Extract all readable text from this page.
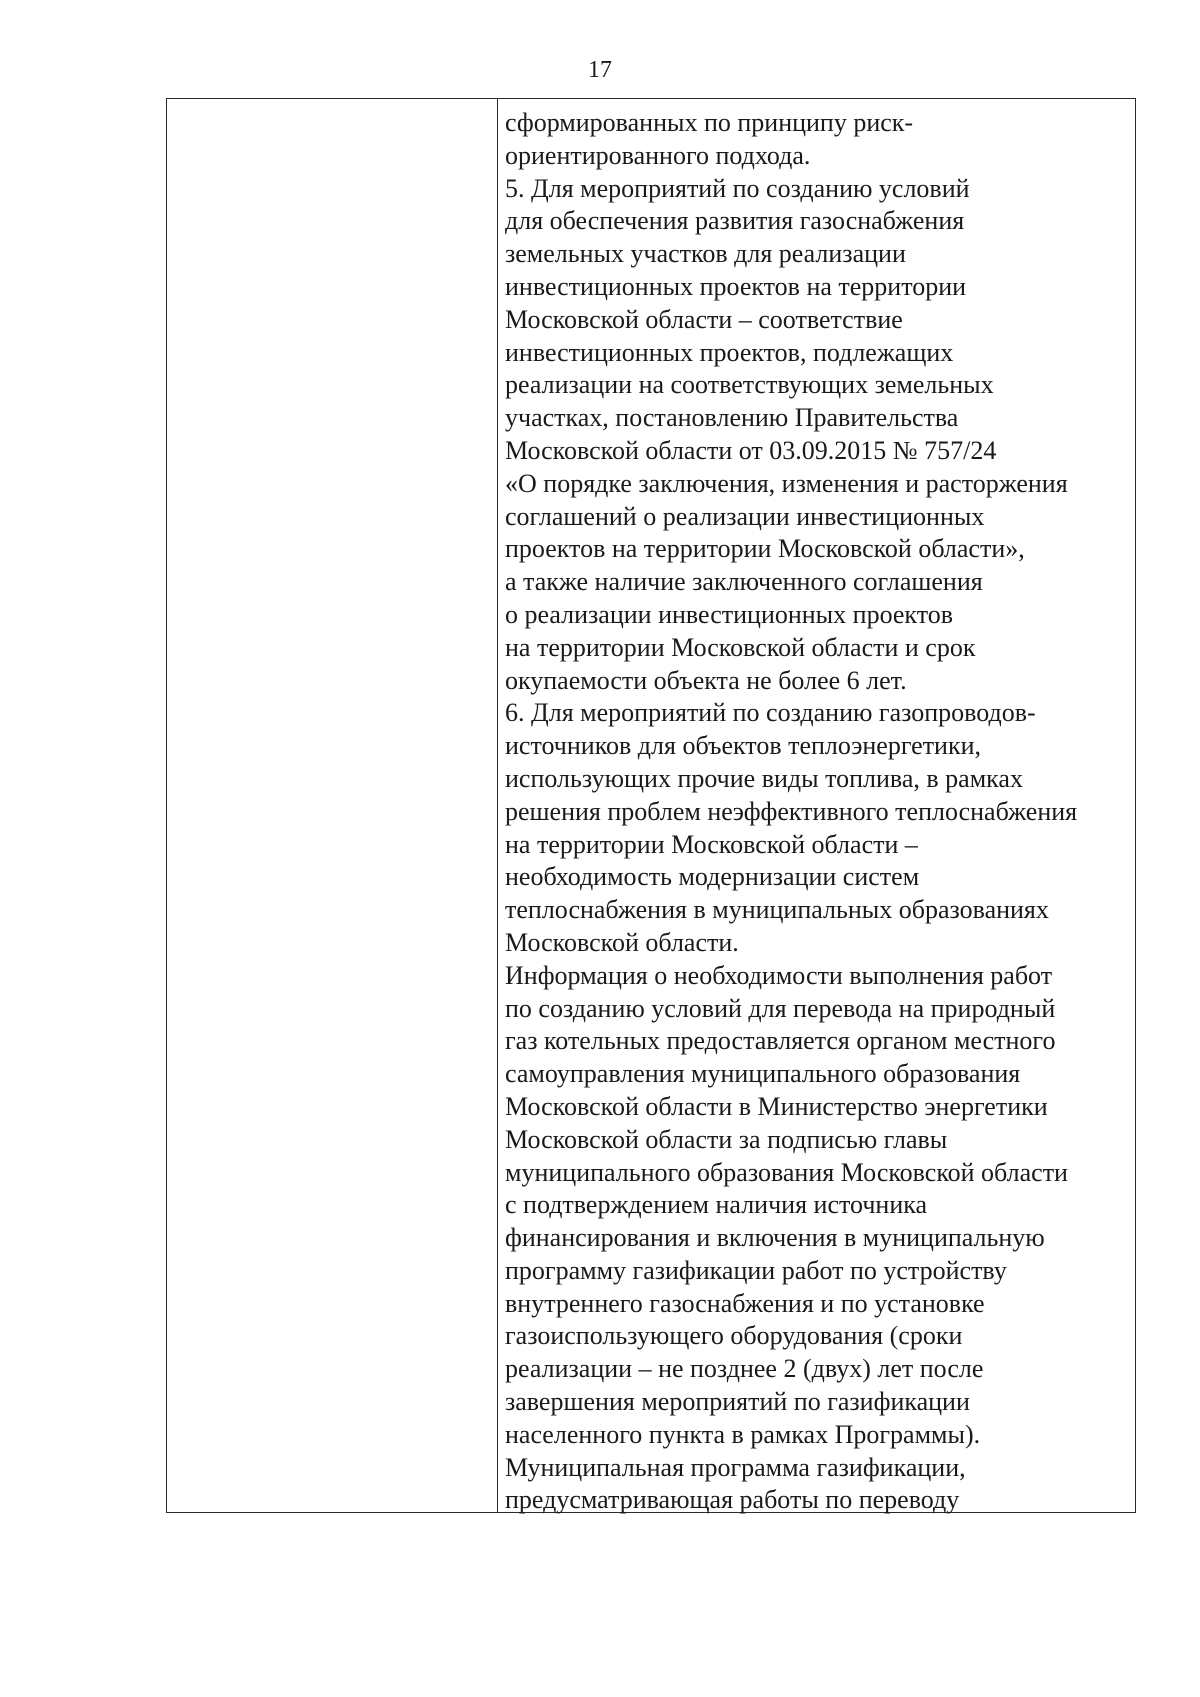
17
сформированных по принципу риск-
ориентированного подхода.
5. Для мероприятий по созданию условий
для обеспечения развития газоснабжения
земельных участков для реализации
инвестиционных проектов на территории
Московской области – соответствие
инвестиционных проектов, подлежащих
реализации на соответствующих земельных
участках, постановлению Правительства
Московской области от 03.09.2015 № 757/24
«О порядке заключения, изменения и расторжения
соглашений о реализации инвестиционных
проектов на территории Московской области»,
а также наличие заключенного соглашения
о реализации инвестиционных проектов
на территории Московской области и срок
окупаемости объекта не более 6 лет.
6. Для мероприятий по созданию газопроводов-
источников для объектов теплоэнергетики,
использующих прочие виды топлива, в рамках
решения проблем неэффективного теплоснабжения
на территории Московской области –
необходимость модернизации систем
теплоснабжения в муниципальных образованиях
Московской области.
Информация о необходимости выполнения работ
по созданию условий для перевода на природный
газ котельных предоставляется органом местного
самоуправления муниципального образования
Московской области в Министерство энергетики
Московской области за подписью главы
муниципального образования Московской области
с подтверждением наличия источника
финансирования и включения в муниципальную
программу газификации работ по устройству
внутреннего газоснабжения и по установке
газоиспользующего оборудования (сроки
реализации – не позднее 2 (двух) лет после
завершения мероприятий по газификации
населенного пункта в рамках Программы).
Муниципальная программа газификации,
предусматривающая работы по переводу
